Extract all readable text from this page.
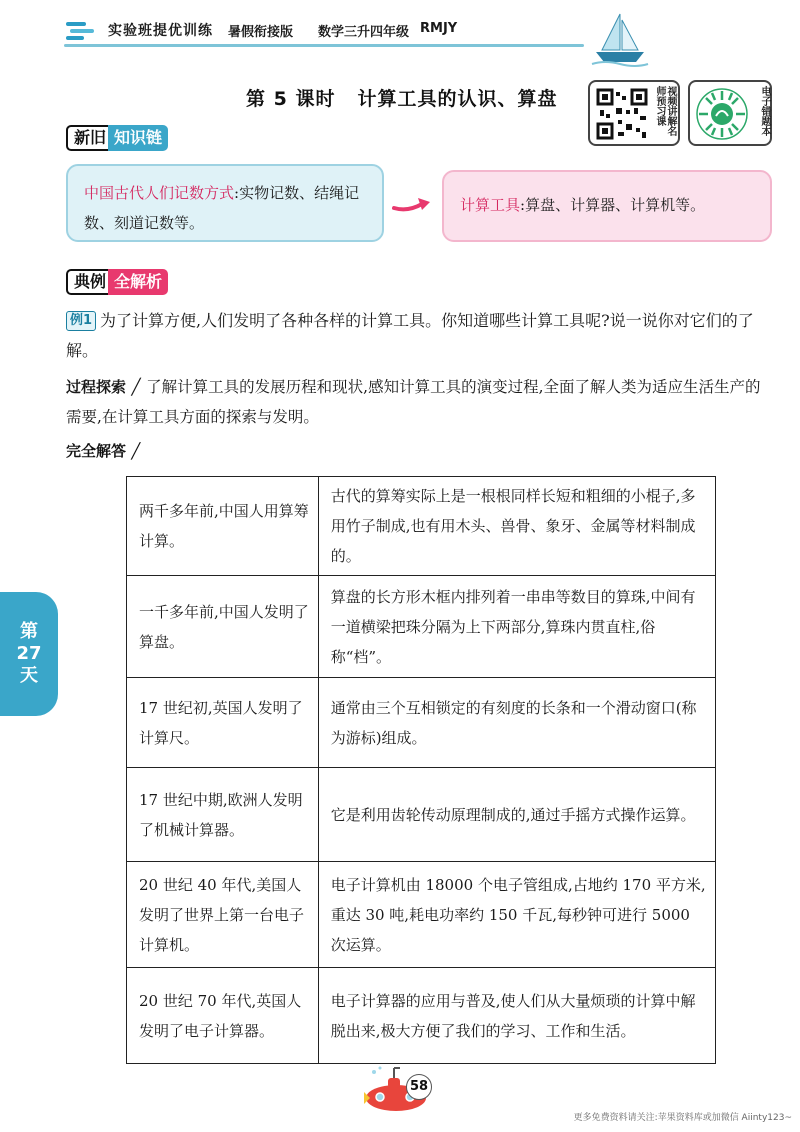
实验班提优训练 暑假衔接版 数学三升四年级 RMJY
第 5 课时 计算工具的认识、算盘	视频讲解名师预习课	电子错题本
新旧 知识链
中国古代人们记数方式:实物记数、结绳记数、刻道记数等。
计算工具:算盘、计算器、计算机等。
典例 全解析
例1 为了计算方便,人们发明了各种各样的计算工具。你知道哪些计算工具呢?说一说你对它们的了解。
过程探索 ╱ 了解计算工具的发展历程和现状,感知计算工具的演变过程,全面了解人类为适应生活生产的需要,在计算工具方面的探索与发明。
完全解答 ╱
两千多年前,中国人用算筹计算。	古代的算筹实际上是一根根同样长短和粗细的小棍子,多用竹子制成,也有用木头、兽骨、象牙、金属等材料制成的。
一千多年前,中国人发明了算盘。	算盘的长方形木框内排列着一串串等数目的算珠,中间有一道横梁把珠分隔为上下两部分,算珠内贯直柱,俗称“档”。
17 世纪初,英国人发明了计算尺。	通常由三个互相锁定的有刻度的长条和一个滑动窗口(称为游标)组成。
17 世纪中期,欧洲人发明了机械计算器。	它是利用齿轮传动原理制成的,通过手摇方式操作运算。
20 世纪 40 年代,美国人发明了世界上第一台电子计算机。	电子计算机由 18000 个电子管组成,占地约 170 平方米,重达 30 吨,耗电功率约 150 千瓦,每秒钟可进行 5000 次运算。
20 世纪 70 年代,英国人发明了电子计算器。	电子计算器的应用与普及,使人们从大量烦琐的计算中解脱出来,极大方便了我们的学习、工作和生活。
第
27
天
58
更多免费资料请关注:苹果资料库或加微信 Aiinty123~
